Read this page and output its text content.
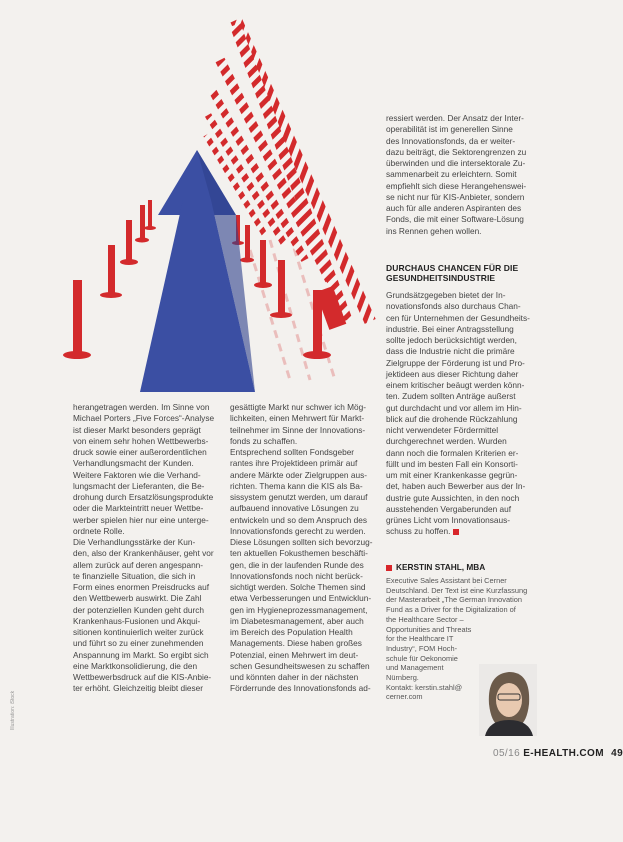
Illustration: iStock
herangetragen werden. Im Sinne von
Michael Porters „Five Forces“-Analyse
ist dieser Markt besonders geprägt
von einem sehr hohen Wettbewerbs-
druck sowie einer außerordentlichen
Verhandlungsmacht der Kunden.
Weitere Faktoren wie die Verhand-
lungsmacht der Lieferanten, die Be-
drohung durch Ersatzlösungsprodukte
oder die Markteintritt neuer Wettbe-
werber spielen hier nur eine unterge-
ordnete Rolle.
Die Verhandlungsstärke der Kun-
den, also der Krankenhäuser, geht vor
allem zurück auf deren angespann-
te finanzielle Situation, die sich in
Form eines enormen Preisdrucks auf
den Wettbewerb auswirkt. Die Zahl
der potenziellen Kunden geht durch
Krankenhaus-Fusionen und Akqui-
sitionen kontinuierlich weiter zurück
und führt so zu einer zunehmenden
Anspannung im Markt. So ergibt sich
eine Marktkonsolidierung, die den
Wettbewerbsdruck auf die KIS-Anbie-
ter erhöht. Gleichzeitig bleibt dieser
gesättigte Markt nur schwer ich Mög-
lichkeiten, einen Mehrwert für Markt-
teilnehmer im Sinne der Innovations-
fonds zu schaffen.
Entsprechend sollten Fondsgeber
rantes ihre Projektideen primär auf
andere Märkte oder Zielgruppen aus-
richten. Thema kann die KIS als Ba-
sissystem genutzt werden, um darauf
aufbauend innovative Lösungen zu
entwickeln und so dem Anspruch des
Innovationsfonds gerecht zu werden.
Diese Lösungen sollten sich bevorzug-
ten aktuellen Fokusthemen beschäfti-
gen, die in der laufenden Runde des
Innovationsfonds noch nicht berück-
sichtigt werden. Solche Themen sind
etwa Verbesserungen und Entwicklun-
gen im Hygieneprozessmanagement,
im Diabetesmanagement, aber auch
im Bereich des Population Health
Managements. Diese haben großes
Potenzial, einen Mehrwert im deut-
schen Gesundheitswesen zu schaffen
und könnten daher in der nächsten
Förderrunde des Innovationsfonds ad-
ressiert werden. Der Ansatz der Inter-
operabilität ist im generellen Sinne
des Innovationsfonds, da er weiter-
dazu beiträgt, die Sektorengrenzen zu
überwinden und die intersektorale Zu-
sammenarbeit zu erleichtern. Somit
empfiehlt sich diese Herangehenswei-
se nicht nur für KIS-Anbieter, sondern
auch für alle anderen Aspiranten des
Fonds, die mit einer Software-Lösung
ins Rennen gehen wollen.
DURCHAUS CHANCEN FÜR DIE
GESUNDHEITSINDUSTRIE
Grundsätzgegeben bietet der In-
novationsfonds also durchaus Chan-
cen für Unternehmen der Gesundheits-
industrie. Bei einer Antragsstellung
sollte jedoch berücksichtigt werden,
dass die Industrie nicht die primäre
Zielgruppe der Förderung ist und Pro-
jektideen aus dieser Richtung daher
einem kritischer beäugt werden könn-
ten. Zudem sollten Anträge außerst
gut durchdacht und vor allem im Hin-
blick auf die drohende Rückzahlung
nicht verwendeter Fördermittel
durchgerechnet werden. Wurden
dann noch die formalen Kriterien er-
füllt und im besten Fall ein Konsorti-
um mit einer Krankenkasse gegrün-
det, haben auch Bewerber aus der In-
dustrie gute Aussichten, in den noch
ausstehenden Vergaberunden auf
grünes Licht vom Innovationsaus-
schuss zu hoffen.
KERSTIN STAHL, MBA
Executive Sales Assistant bei Cerner
Deutschland. Der Text ist eine Kurzfassung
der Masterarbeit „The German Innovation
Fund as a Driver for the Digitalization of
the Healthcare Sector –
Opportunities and Threats
for the Healthcare IT
Industry“, FOM Hoch-
schule für Oekonomie
und Management
Nürnberg.
Kontakt: kerstin.stahl@
cerner.com
05/16 E-HEALTH.COM 49
